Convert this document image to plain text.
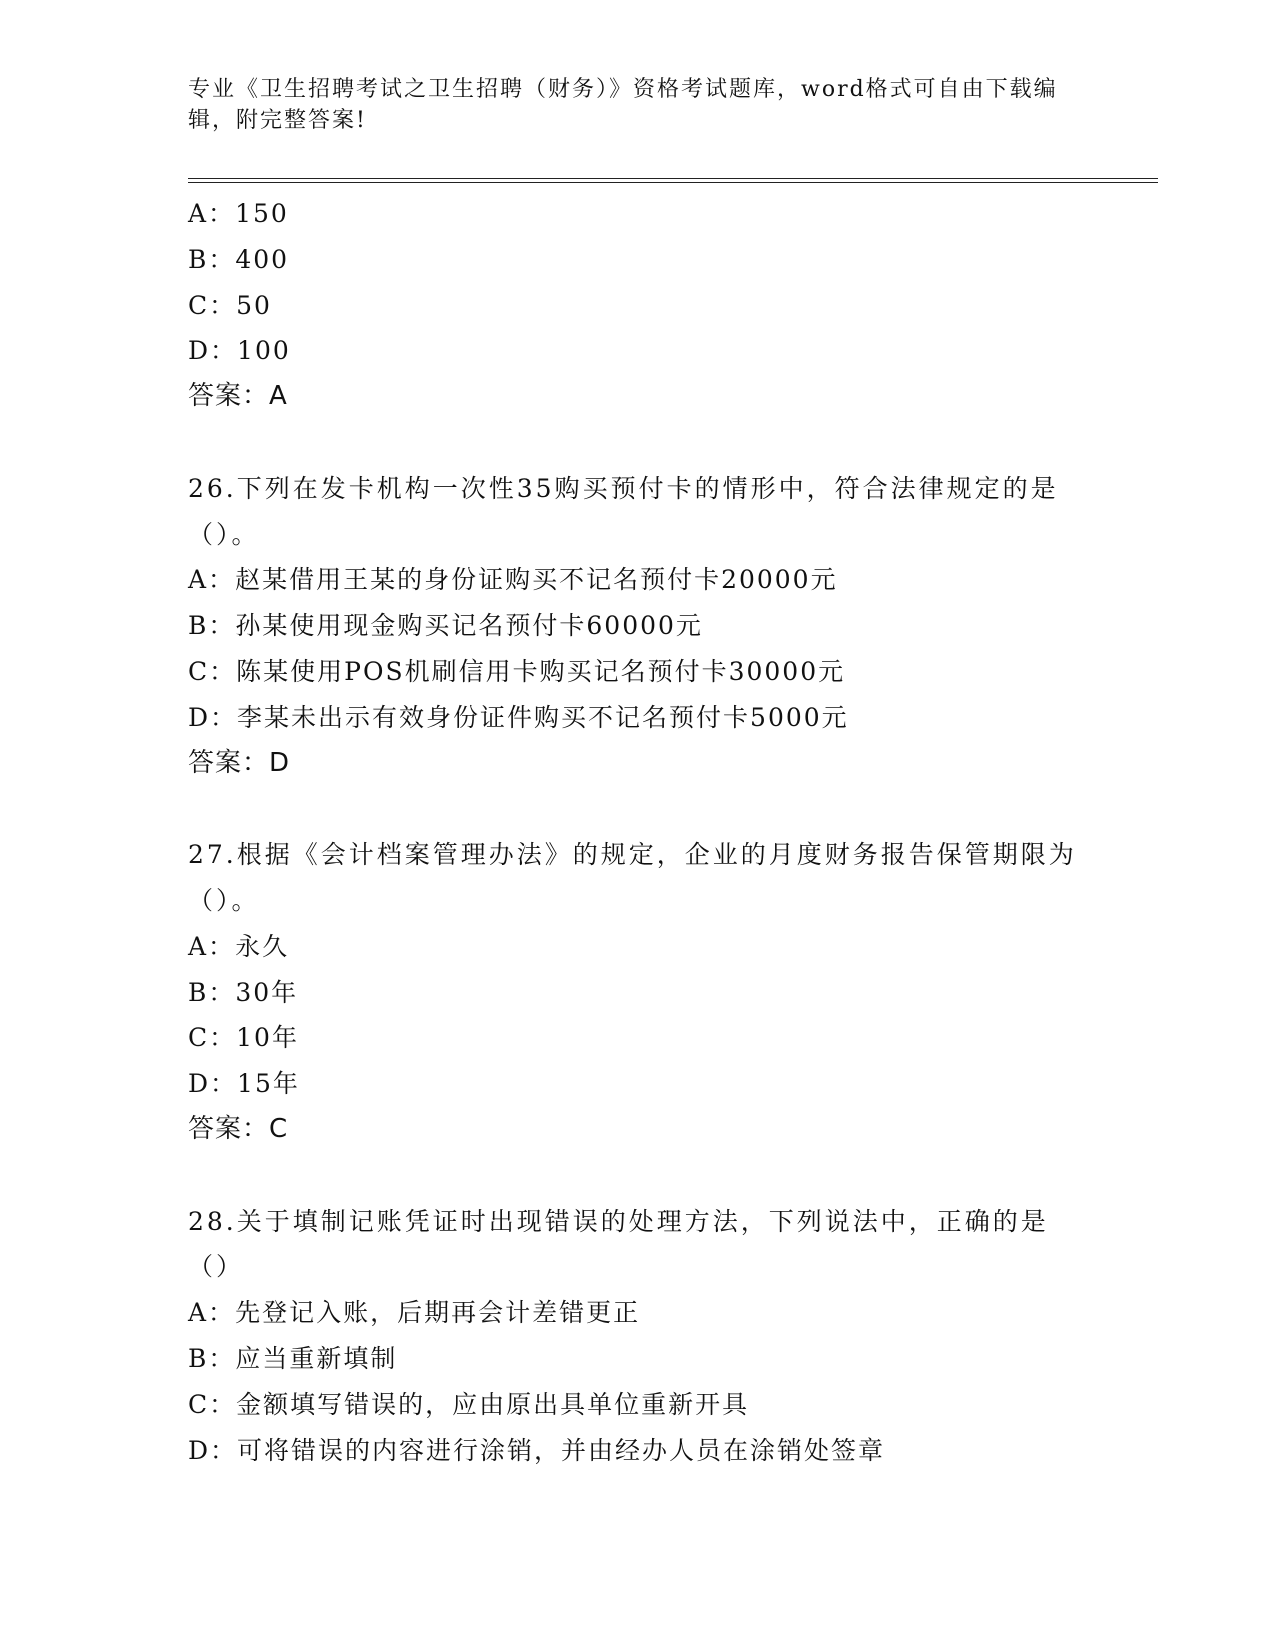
专业《卫生招聘考试之卫生招聘（财务）》资格考试题库，word格式可自由下载编辑，附完整答案!

A：150
B：400
C：50
D：100
答案：A

26.下列在发卡机构一次性35购买预付卡的情形中，符合法律规定的是（）。

A：赵某借用王某的身份证购买不记名预付卡20000元
B：孙某使用现金购买记名预付卡60000元
C：陈某使用POS机刷信用卡购买记名预付卡30000元
D：李某未出示有效身份证件购买不记名预付卡5000元
答案：D

27.根据《会计档案管理办法》的规定，企业的月度财务报告保管期限为（）。

A：永久
B：30年
C：10年
D：15年
答案：C

28.关于填制记账凭证时出现错误的处理方法，下列说法中，正确的是（）

A：先登记入账，后期再会计差错更正
B：应当重新填制
C：金额填写错误的，应由原出具单位重新开具
D：可将错误的内容进行涂销，并由经办人员在涂销处签章
